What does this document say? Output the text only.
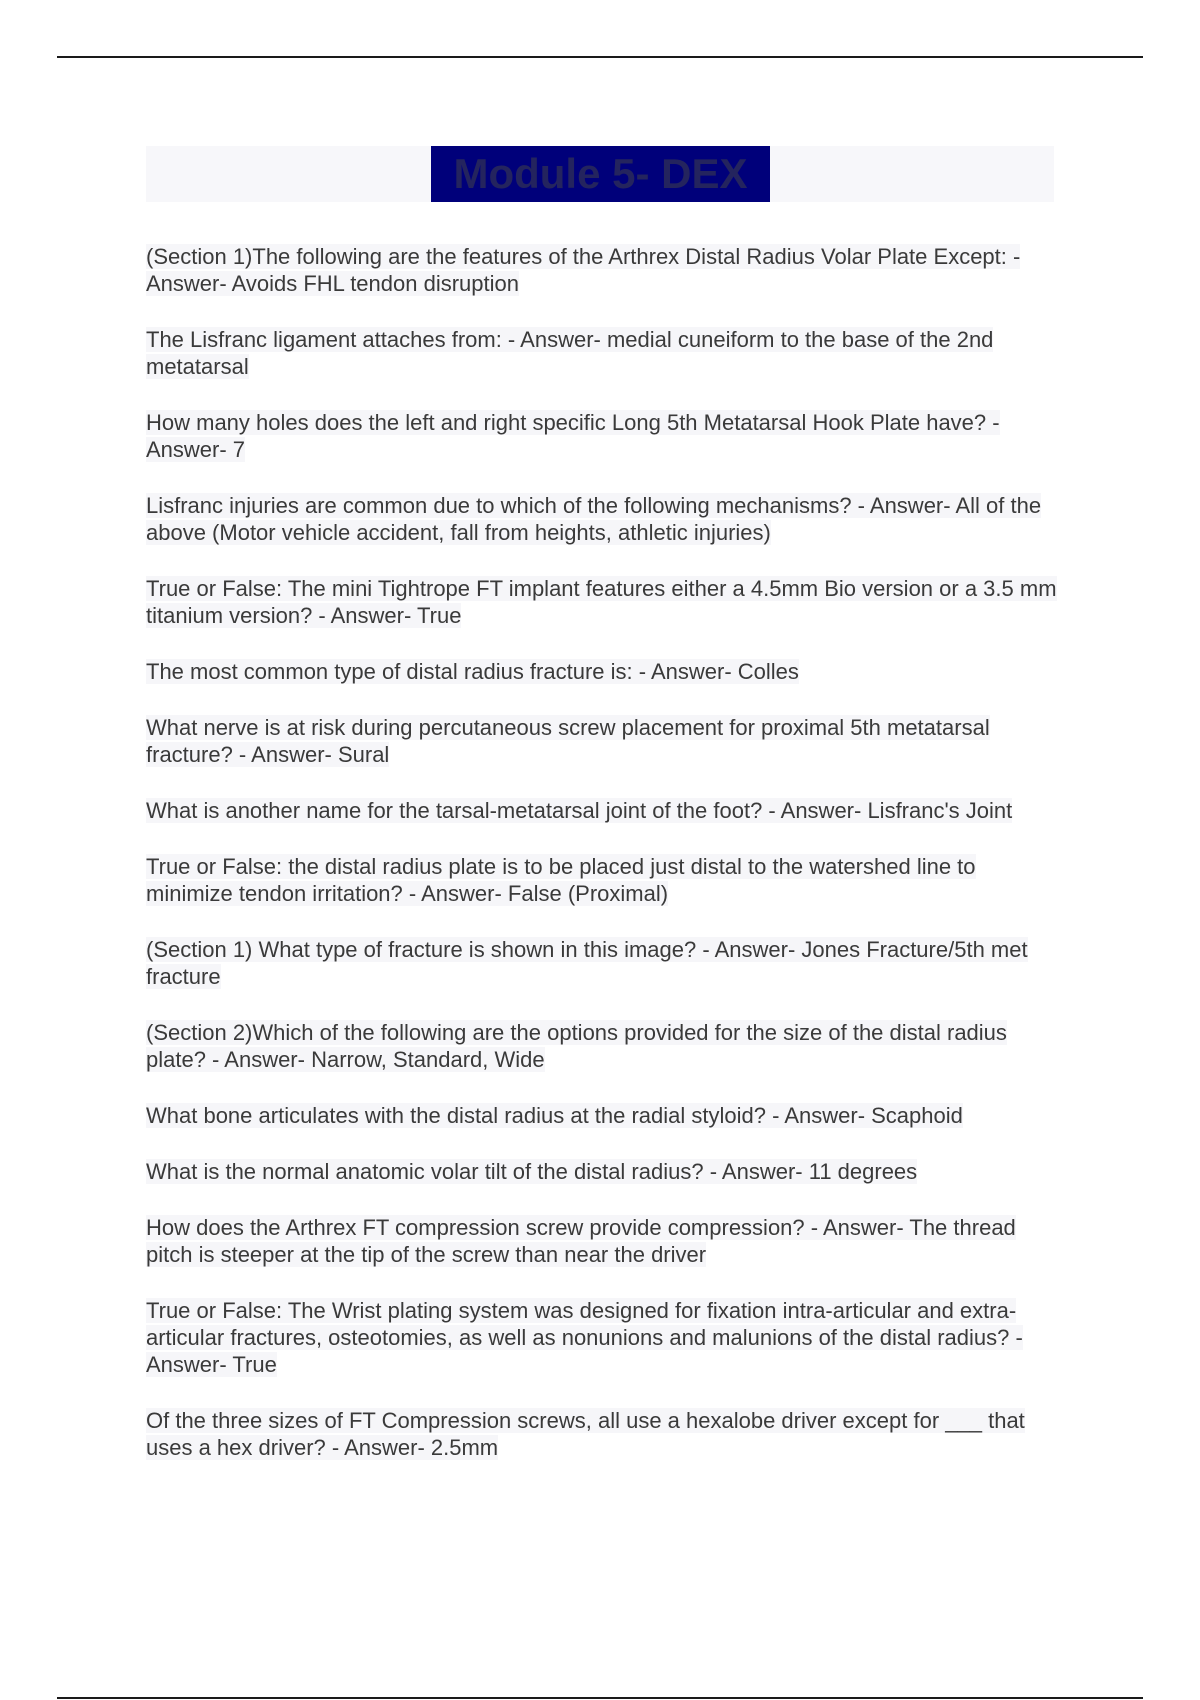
Module 5- DEX
(Section 1)The following are the features of the Arthrex Distal Radius Volar Plate Except: - Answer- Avoids FHL tendon disruption
The Lisfranc ligament attaches from: - Answer- medial cuneiform to the base of the 2nd metatarsal
How many holes does the left and right specific Long 5th Metatarsal Hook Plate have? - Answer- 7
Lisfranc injuries are common due to which of the following mechanisms? - Answer- All of the above (Motor vehicle accident, fall from heights, athletic injuries)
True or False: The mini Tightrope FT implant features either a 4.5mm Bio version or a 3.5 mm titanium version? - Answer- True
The most common type of distal radius fracture is: - Answer- Colles
What nerve is at risk during percutaneous screw placement for proximal 5th metatarsal fracture? - Answer- Sural
What is another name for the tarsal-metatarsal joint of the foot? - Answer- Lisfranc's Joint
True or False: the distal radius plate is to be placed just distal to the watershed line to minimize tendon irritation? - Answer- False (Proximal)
(Section 1) What type of fracture is shown in this image? - Answer- Jones Fracture/5th met fracture
(Section 2)Which of the following are the options provided for the size of the distal radius plate? - Answer- Narrow, Standard, Wide
What bone articulates with the distal radius at the radial styloid? - Answer- Scaphoid
What is the normal anatomic volar tilt of the distal radius? - Answer- 11 degrees
How does the Arthrex FT compression screw provide compression? - Answer- The thread pitch is steeper at the tip of the screw than near the driver
True or False: The Wrist plating system was designed for fixation intra-articular and extra-articular fractures, osteotomies, as well as nonunions and malunions of the distal radius? - Answer- True
Of the three sizes of FT Compression screws, all use a hexalobe driver except for ___ that uses a hex driver? - Answer- 2.5mm
